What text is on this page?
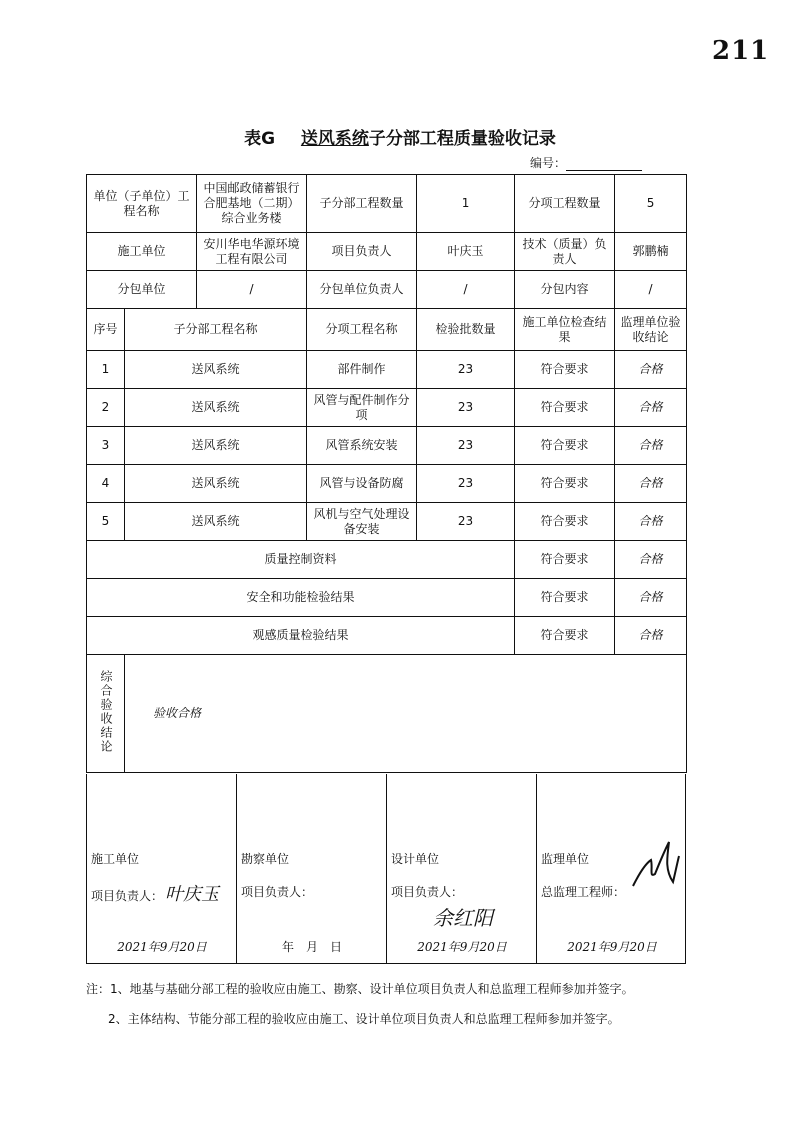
211
表G 送风系统子分部工程质量验收记录
编号：
单位（子单位）工程名称		中国邮政储蓄银行合肥基地（二期）综合业务楼	子分部工程数量	1	分项工程数量	5
施工单位		安川华电华源环境工程有限公司	项目负责人	叶庆玉	技术（质量）负责人	郭鹏楠
分包单位		/	分包单位负责人	/	分包内容	/
序号	子分部工程名称		分项工程名称	检验批数量	施工单位检查结果	监理单位验收结论
1	送风系统		部件制作	23	符合要求	合格
2	送风系统		风管与配件制作分项	23	符合要求	合格
3	送风系统		风管系统安装	23	符合要求	合格
4	送风系统		风管与设备防腐	23	符合要求	合格
5	送风系统		风机与空气处理设备安装	23	符合要求	合格
质量控制资料					符合要求	合格
安全和功能检验结果					符合要求	合格
观感质量检验结果					符合要求	合格
综合验收结论	验收合格					
施工单位
项目负责人： 叶庆玉
2021年9月20日
勘察单位
项目负责人：
年　月　日
设计单位
项目负责人：
余红阳
2021年9月20日
监理单位
总监理工程师：
2021年9月20日
注：1、地基与基础分部工程的验收应由施工、勘察、设计单位项目负责人和总监理工程师参加并签字。
2、主体结构、节能分部工程的验收应由施工、设计单位项目负责人和总监理工程师参加并签字。
